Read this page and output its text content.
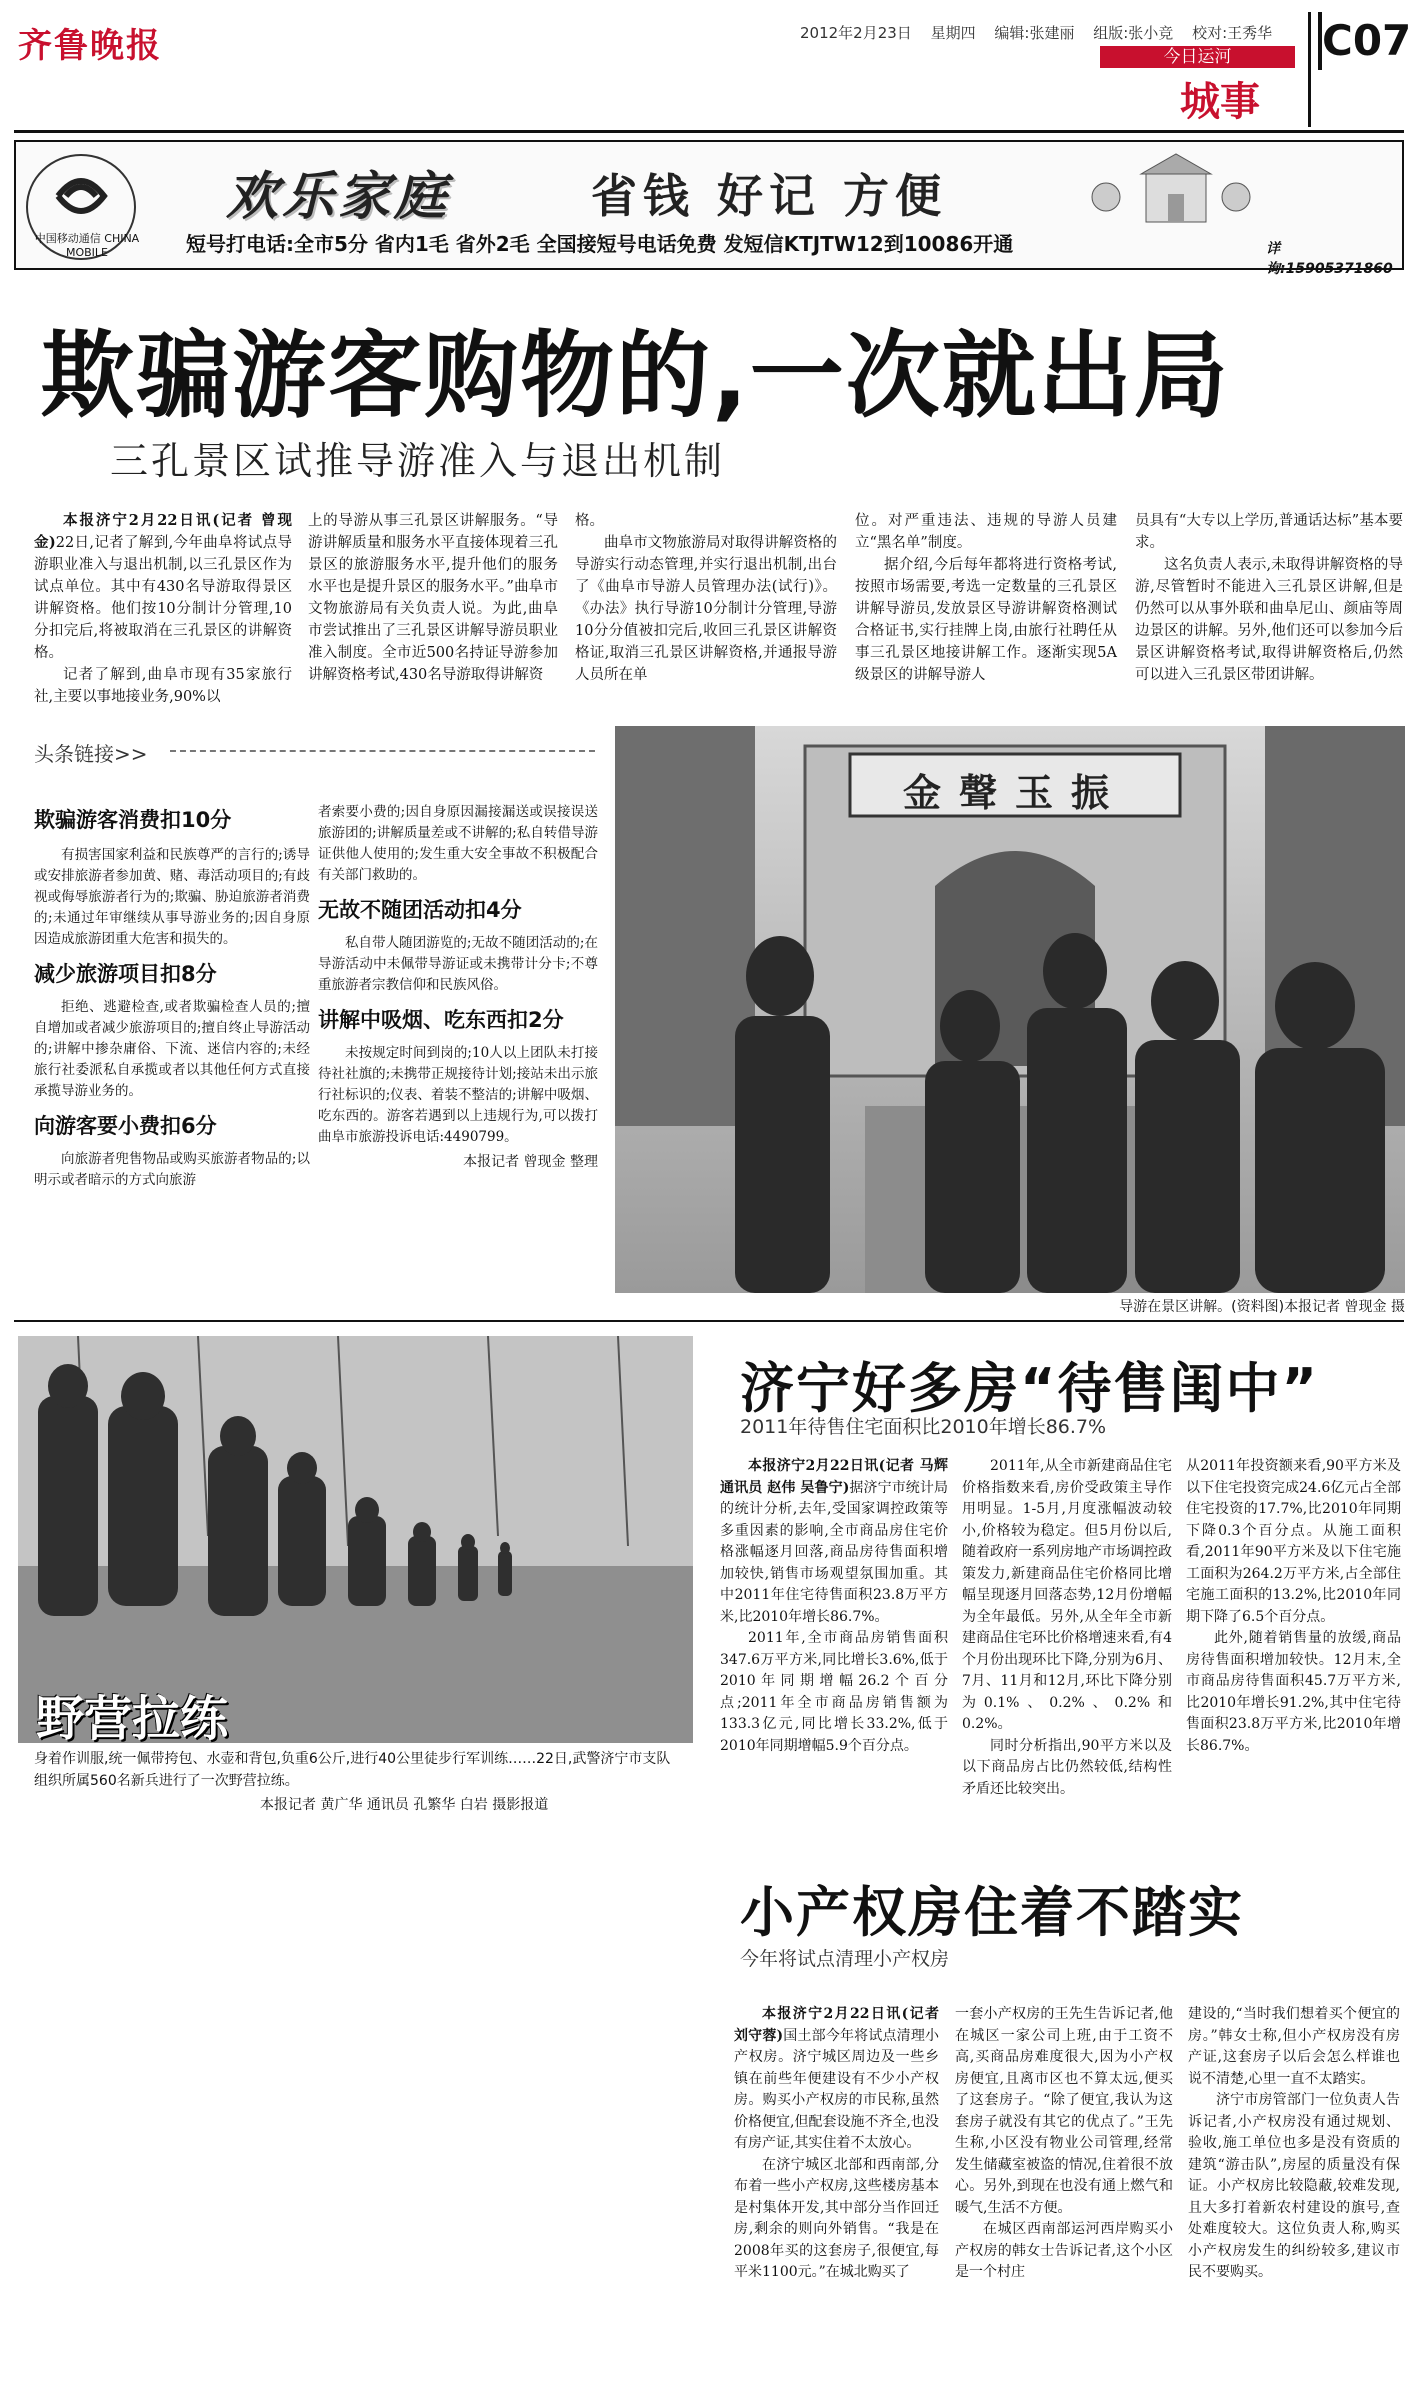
齐鲁晚报	2012年2月23日 星期四 编辑:张建丽 组版:张小竞 校对:王秀华
今日运河
城事
C07
中国移动通信 CHINA MOBILE
欢乐家庭	省钱 好记 方便
短号打电话:全市5分 省内1毛 省外2毛 全国接短号电话免费 发短信KTJTW12到10086开通	详询:15905371860
欺骗游客购物的,一次就出局
三孔景区试推导游准入与退出机制

本报济宁2月22日讯(记者 曾现金)22日,记者了解到,今年曲阜将试点导游职业准入与退出机制,以三孔景区作为试点单位。其中有430名导游取得景区讲解资格。他们按10分制计分管理,10分扣完后,将被取消在三孔景区的讲解资格。

记者了解到,曲阜市现有35家旅行社,主要以事地接业务,90%以

上的导游从事三孔景区讲解服务。“导游讲解质量和服务水平直接体现着三孔景区的旅游服务水平,提升他们的服务水平也是提升景区的服务水平。”曲阜市文物旅游局有关负责人说。为此,曲阜市尝试推出了三孔景区讲解导游员职业准入制度。全市近500名持证导游参加讲解资格考试,430名导游取得讲解资

格。

曲阜市文物旅游局对取得讲解资格的导游实行动态管理,并实行退出机制,出台了《曲阜市导游人员管理办法(试行)》。《办法》执行导游10分制计分管理,导游10分分值被扣完后,收回三孔景区讲解资格证,取消三孔景区讲解资格,并通报导游人员所在单

位。对严重违法、违规的导游人员建立“黑名单”制度。

据介绍,今后每年都将进行资格考试,按照市场需要,考选一定数量的三孔景区讲解导游员,发放景区导游讲解资格测试合格证书,实行挂牌上岗,由旅行社聘任从事三孔景区地接讲解工作。逐渐实现5A级景区的讲解导游人

员具有“大专以上学历,普通话达标”基本要求。

这名负责人表示,未取得讲解资格的导游,尽管暂时不能进入三孔景区讲解,但是仍然可以从事外联和曲阜尼山、颜庙等周边景区的讲解。另外,他们还可以参加今后景区讲解资格考试,取得讲解资格后,仍然可以进入三孔景区带团讲解。

头条链接>>
欺骗游客消费扣10分

有损害国家利益和民族尊严的言行的;诱导或安排旅游者参加黄、赌、毒活动项目的;有歧视或侮辱旅游者行为的;欺骗、胁迫旅游者消费的;未通过年审继续从事导游业务的;因自身原因造成旅游团重大危害和损失的。

减少旅游项目扣8分

拒绝、逃避检查,或者欺骗检查人员的;擅自增加或者减少旅游项目的;擅自终止导游活动的;讲解中掺杂庸俗、下流、迷信内容的;未经旅行社委派私自承揽或者以其他任何方式直接承揽导游业务的。

向游客要小费扣6分

向旅游者兜售物品或购买旅游者物品的;以明示或者暗示的方式向旅游

者索要小费的;因自身原因漏接漏送或误接误送旅游团的;讲解质量差或不讲解的;私自转借导游证供他人使用的;发生重大安全事故不积极配合有关部门救助的。

无故不随团活动扣4分

私自带人随团游览的;无故不随团活动的;在导游活动中未佩带导游证或未携带计分卡;不尊重旅游者宗教信仰和民族风俗。

讲解中吸烟、吃东西扣2分

未按规定时间到岗的;10人以上团队未打接待社社旗的;未携带正规接待计划;接站未出示旅行社标识的;仪表、着装不整洁的;讲解中吸烟、吃东西的。游客若遇到以上违规行为,可以拨打曲阜市旅游投诉电话:4490799。

本报记者 曾现金 整理
金聲玉振
导游在景区讲解。(资料图)本报记者 曾现金 摄
野营拉练
身着作训服,统一佩带挎包、水壶和背包,负重6公斤,进行40公里徒步行军训练……22日,武警济宁市支队组织所属560名新兵进行了一次野营拉练。
本报记者 黄广华 通讯员 孔繁华 白岩 摄影报道
济宁好多房“待售闺中”
2011年待售住宅面积比2010年增长86.7%

本报济宁2月22日讯(记者 马辉 通讯员 赵伟 吴鲁宁)据济宁市统计局的统计分析,去年,受国家调控政策等多重因素的影响,全市商品房住宅价格涨幅逐月回落,商品房待售面积增加较快,销售市场观望氛围加重。其中2011年住宅待售面积23.8万平方米,比2010年增长86.7%。

2011年,全市商品房销售面积347.6万平方米,同比增长3.6%,低于2010年同期增幅26.2个百分点;2011年全市商品房销售额为133.3亿元,同比增长33.2%,低于2010年同期增幅5.9个百分点。

2011年,从全市新建商品住宅价格指数来看,房价受政策主导作用明显。1-5月,月度涨幅波动较小,价格较为稳定。但5月份以后,随着政府一系列房地产市场调控政策发力,新建商品住宅价格同比增幅呈现逐月回落态势,12月份增幅为全年最低。另外,从全年全市新建商品住宅环比价格增速来看,有4个月份出现环比下降,分别为6月、7月、11月和12月,环比下降分别为0.1%、0.2%、0.2%和0.2%。

同时分析指出,90平方米以及以下商品房占比仍然较低,结构性矛盾还比较突出。

从2011年投资额来看,90平方米及以下住宅投资完成24.6亿元占全部住宅投资的17.7%,比2010年同期下降0.3个百分点。从施工面积看,2011年90平方米及以下住宅施工面积为264.2万平方米,占全部住宅施工面积的13.2%,比2010年同期下降了6.5个百分点。

此外,随着销售量的放缓,商品房待售面积增加较快。12月末,全市商品房待售面积45.7万平方米,比2010年增长91.2%,其中住宅待售面积23.8万平方米,比2010年增长86.7%。

小产权房住着不踏实
今年将试点清理小产权房

本报济宁2月22日讯(记者 刘守蓉)国土部今年将试点清理小产权房。济宁城区周边及一些乡镇在前些年便建设有不少小产权房。购买小产权房的市民称,虽然价格便宜,但配套设施不齐全,也没有房产证,其实住着不太放心。

在济宁城区北部和西南部,分布着一些小产权房,这些楼房基本是村集体开发,其中部分当作回迁房,剩余的则向外销售。“我是在2008年买的这套房子,很便宜,每平米1100元。”在城北购买了

一套小产权房的王先生告诉记者,他在城区一家公司上班,由于工资不高,买商品房难度很大,因为小产权房便宜,且离市区也不算太远,便买了这套房子。“除了便宜,我认为这套房子就没有其它的优点了。”王先生称,小区没有物业公司管理,经常发生储藏室被盗的情况,住着很不放心。另外,到现在也没有通上燃气和暖气,生活不方便。

在城区西南部运河西岸购买小产权房的韩女士告诉记者,这个小区是一个村庄

建设的,“当时我们想着买个便宜的房。”韩女士称,但小产权房没有房产证,这套房子以后会怎么样谁也说不清楚,心里一直不太踏实。

济宁市房管部门一位负责人告诉记者,小产权房没有通过规划、验收,施工单位也多是没有资质的建筑“游击队”,房屋的质量没有保证。小产权房比较隐蔽,较难发现,且大多打着新农村建设的旗号,查处难度较大。这位负责人称,购买小产权房发生的纠纷较多,建议市民不要购买。
